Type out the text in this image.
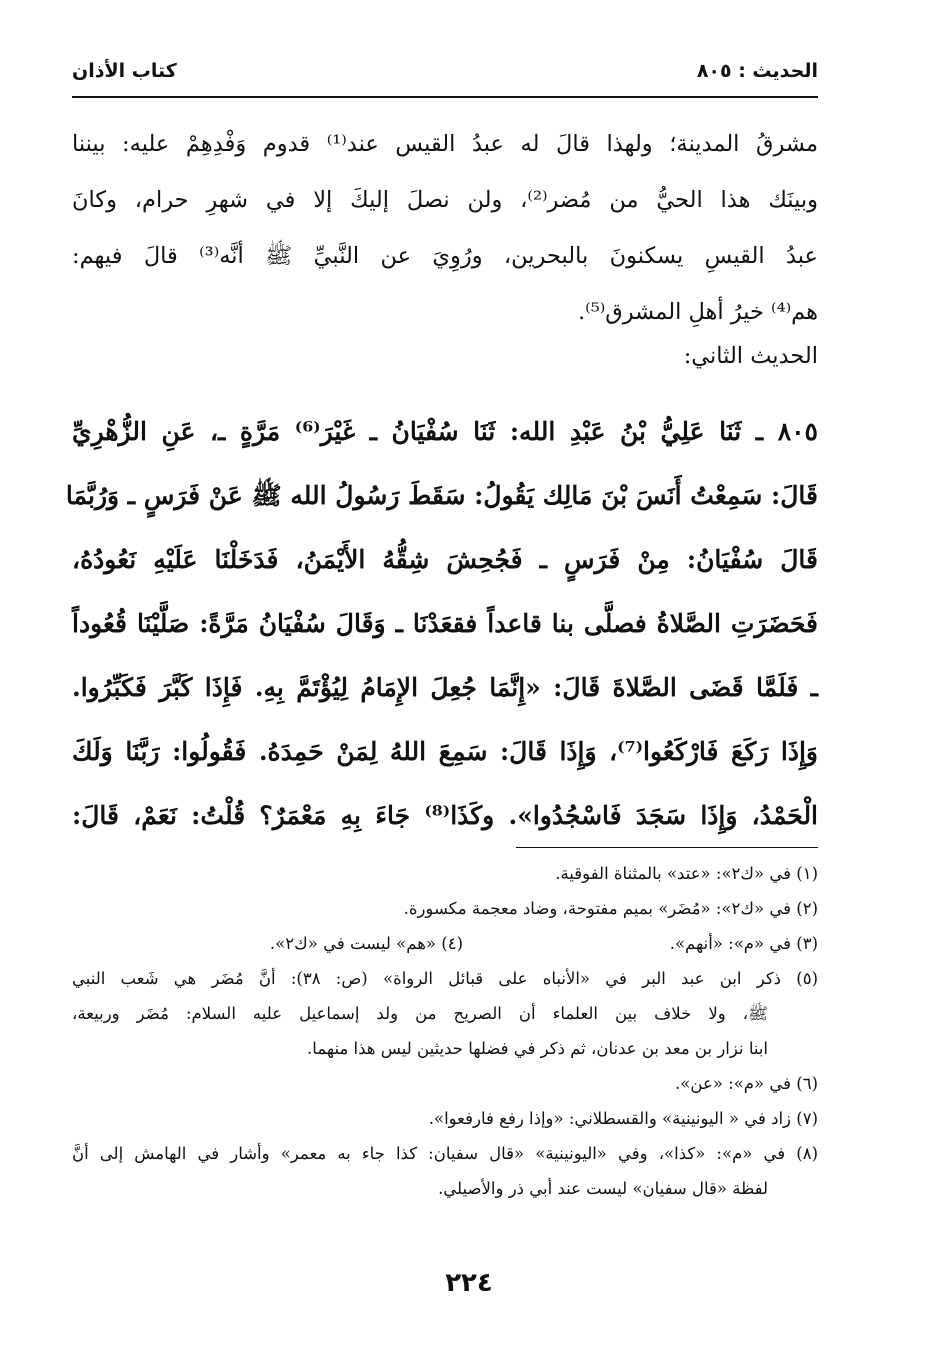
الحديث : ٨٠٥
كتاب الأذان
مشرقُ المدينة؛ ولهذا قالَ له عبدُ القيس عند⁽¹⁾ قدوم وَفْدِهِمْ عليه: بيننا
وبينَك هذا الحيُّ من مُضر⁽²⁾، ولن نصلَ إليكَ إلا في شهرِ حرام، وكانَ
عبدُ القيسِ يسكنونَ بالبحرين، ورُوِيَ عن النَّبيِّ ﷺ أنَّه⁽³⁾ قالَ فيهم:
هم⁽⁴⁾ خيرُ أهلِ المشرق⁽⁵⁾.
الحديث الثاني:
٨٠٥ ـ ثَنَا عَلِيُّ بْنُ عَبْدِ الله: ثَنَا سُفْيَانُ ـ غَيْرَ⁽⁶⁾ مَرَّةٍ ـ، عَنِ الزُّهْرِيِّ
قَالَ: سَمِعْتُ أَنَسَ بْنَ مَالِك يَقُولُ: سَقَطَ رَسُولُ الله ﷺ عَنْ فَرَسٍ ـ وَرُبَّمَا
قَالَ سُفْيَانُ: مِنْ فَرَسٍ ـ فَجُحِشَ شِقُّهُ الأَيْمَنُ، فَدَخَلْنَا عَلَيْهِ نَعُودُهُ،
فَحَضَرَتِ الصَّلاةُ فصلَّى بنا قاعداً فقعَدْنَا ـ وَقَالَ سُفْيَانُ مَرَّةً: صَلَّيْنَا قُعُوداً
ـ فَلَمَّا قَضَى الصَّلاةَ قَالَ: «إِنَّمَا جُعِلَ الإِمَامُ لِيُؤْتَمَّ بِهِ. فَإِذَا كَبَّرَ فَكَبِّرُوا.
وَإِذَا رَكَعَ فَارْكَعُوا⁽⁷⁾، وَإِذَا قَالَ: سَمِعَ اللهُ لِمَنْ حَمِدَهُ. فَقُولُوا: رَبَّنَا وَلَكَ
الْحَمْدُ، وَإِذَا سَجَدَ فَاسْجُدُوا». وكَذَا⁽⁸⁾ جَاءَ بِهِ مَعْمَرٌ؟ قُلْتُ: نَعَمْ، قَالَ:
(١) في «ك٢»: «عتد» بالمثناة الفوقية.
(٢) في «ك٢»: «مُضَر» بميم مفتوحة، وضاد معجمة مكسورة.
(٣) في «م»: «أنهم».
(٤) «هم» ليست في «ك٢».
(٥) ذكر ابن عبد البر في «الأنباه على قبائل الرواة» (ص: ٣٨): أنَّ مُضَر هي شَعب النبي
ﷺ، ولا خلاف بين العلماء أن الصريح من ولد إسماعيل عليه السلام: مُضَر وربيعة،
ابنا نزار بن معد بن عدنان، ثم ذكر في فضلها حديثين ليس هذا منهما.
(٦) في «م»: «عن».
(٧) زاد في « اليونينية» والقسطلاني: «وإذا رفع فارفعوا».
(٨) في «م»: «كذا»، وفي «اليونينية» «قال سفيان: كذا جاء به معمر» وأشار في الهامش إلى أنَّ
لفظة «قال سفيان» ليست عند أبي ذر والأصيلي.
٢٢٤
